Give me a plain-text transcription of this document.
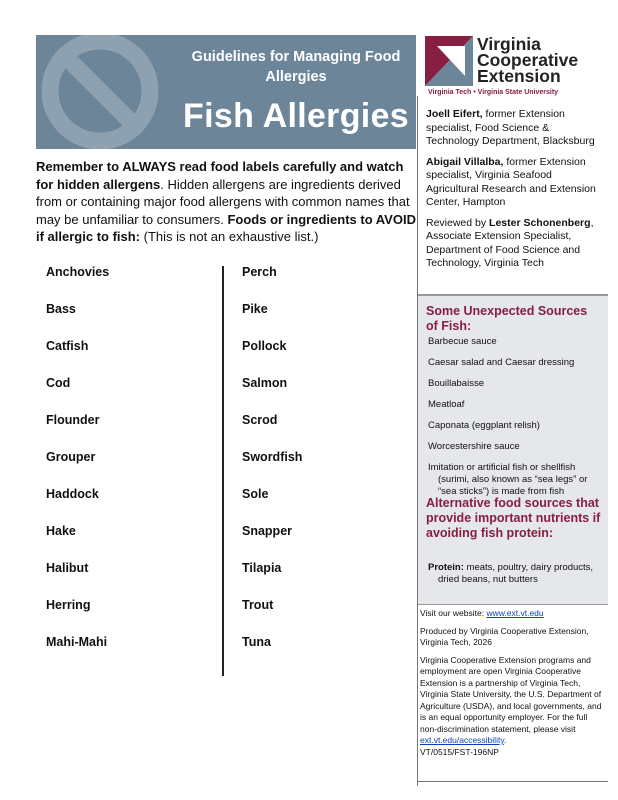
Guidelines for Managing Food Allergies
Fish Allergies
Remember to ALWAYS read food labels carefully and watch for hidden allergens. Hidden allergens are ingredients derived from or containing major food allergens with common names that may be unfamiliar to consumers. Foods or ingredients to AVOID if allergic to fish: (This is not an exhaustive list.)
Anchovies
Bass
Catfish
Cod
Flounder
Grouper
Haddock
Hake
Halibut
Herring
Mahi-Mahi
Perch
Pike
Pollock
Salmon
Scrod
Swordfish
Sole
Snapper
Tilapia
Trout
Tuna
Virginia
Cooperative
Extension
Virginia Tech • Virginia State University

Joell Eifert, former Extension specialist, Food Science & Technology Department, Blacksburg

Abigail Villalba, former Extension specialist, Virginia Seafood Agricultural Research and Extension Center, Hampton

Reviewed by Lester Schonenberg, Associate Extension Specialist, Department of Food Science and Technology, Virginia Tech

Some Unexpected Sources of Fish:
Barbecue sauce
Caesar salad and Caesar dressing
Bouillabaisse
Meatloaf
Caponata (eggplant relish)
Worcestershire sauce
Imitation or artificial fish or shellfish (surimi, also known as “sea legs” or “sea sticks”) is made from fish
Alternative food sources that provide important nutrients if avoiding fish protein:
Protein: meats, poultry, dairy products, dried beans, nut butters

Visit our website: www.ext.vt.edu

Produced by Virginia Cooperative Extension, Virginia Tech, 2026

Virginia Cooperative Extension programs and employment are open Virginia Cooperative Extension is a partnership of Virginia Tech, Virginia State University, the U.S. Department of Agriculture (USDA), and local governments, and is an equal opportunity employer. For the full non-discrimination statement, please visit ext.vt.edu/accessibility.

VT/0515/FST-196NP
